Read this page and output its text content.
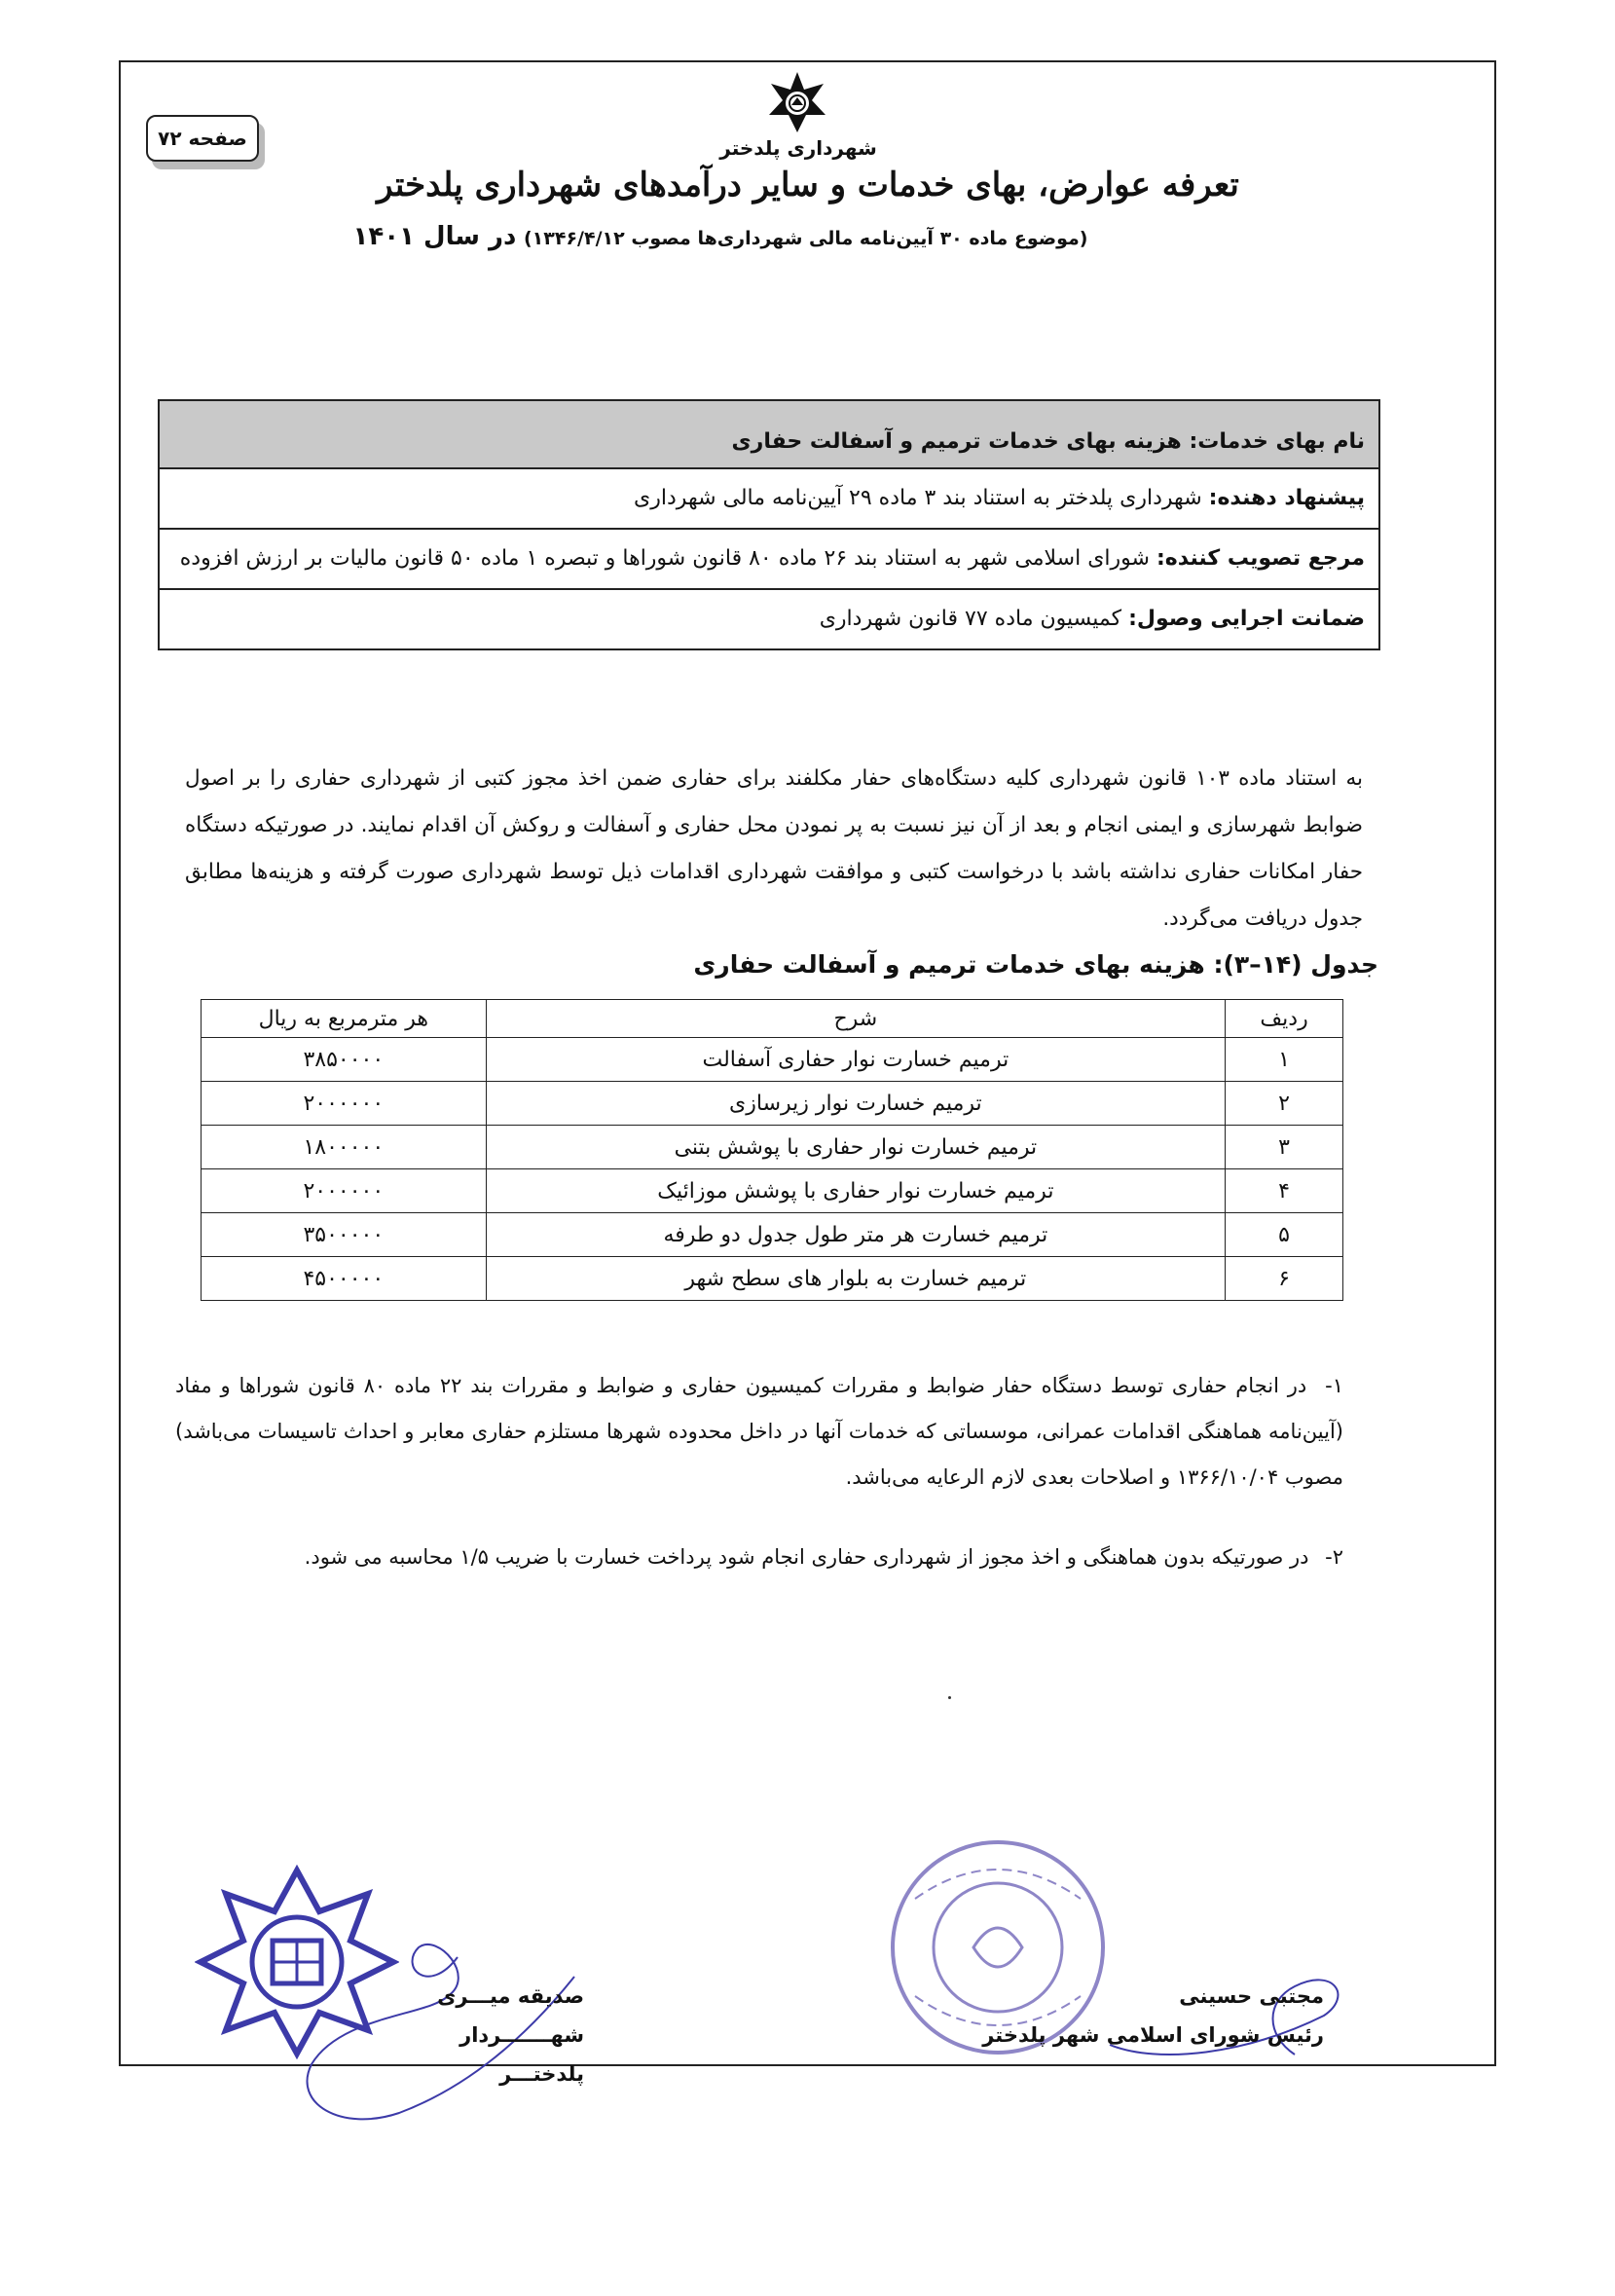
صفحه ۷۲	شهرداری پلدختر
تعرفه عوارض، بهای خدمات و سایر درآمدهای شهرداری پلدختر
(موضوع ماده ۳۰ آیین‌نامه مالی شهرداری‌ها مصوب ۱۳۴۶/۴/۱۲) در سال ۱۴۰۱
نام بهای خدمات: هزینه بهای خدمات ترمیم و آسفالت حفاری
پیشنهاد دهنده: شهرداری پلدختر به استناد بند ۳ ماده ۲۹ آیین‌نامه مالی شهرداری
مرجع تصویب کننده: شورای اسلامی شهر به استناد بند ۲۶ ماده ۸۰ قانون شوراها و تبصره ۱ ماده ۵۰ قانون مالیات بر ارزش افزوده
ضمانت اجرایی وصول: کمیسیون ماده ۷۷ قانون شهرداری
به استناد ماده ۱۰۳ قانون شهرداری کلیه دستگاه‌های حفار مکلفند برای حفاری ضمن اخذ مجوز کتبی از شهرداری حفاری را بر اصول ضوابط شهرسازی و ایمنی انجام و بعد از آن نیز نسبت به پر نمودن محل حفاری و آسفالت و روکش آن اقدام نمایند. در صورتیکه دستگاه حفار امکانات حفاری نداشته باشد با درخواست کتبی و موافقت شهرداری اقدامات ذیل توسط شهرداری صورت گرفته و هزینه‌ها مطابق جدول دریافت می‌گردد.
جدول (۱۴–۳): هزینه بهای خدمات ترمیم و آسفالت حفاری
ردیف	شرح	هر مترمربع به ریال
۱	ترمیم خسارت نوار حفاری آسفالت	۳۸۵۰۰۰۰
۲	ترمیم خسارت نوار زیرسازی	۲۰۰۰۰۰۰
۳	ترمیم خسارت نوار حفاری با پوشش بتنی	۱۸۰۰۰۰۰
۴	ترمیم خسارت نوار حفاری با پوشش موزائیک	۲۰۰۰۰۰۰
۵	ترمیم خسارت هر متر طول جدول دو طرفه	۳۵۰۰۰۰۰
۶	ترمیم خسارت به بلوار های سطح شهر	۴۵۰۰۰۰۰
۱- در انجام حفاری توسط دستگاه حفار ضوابط و مقررات کمیسیون حفاری و ضوابط و مقررات بند ۲۲ ماده ۸۰ قانون شوراها و مفاد (آیین‌نامه هماهنگی اقدامات عمرانی، موسساتی که خدمات آنها در داخل محدوده شهرها مستلزم حفاری معابر و احداث تاسیسات می‌باشد) مصوب ۱۳۶۶/۱۰/۰۴ و اصلاحات بعدی لازم الرعایه می‌باشد.
۲- در صورتیکه بدون هماهنگی و اخذ مجوز از شهرداری حفاری انجام شود پرداخت خسارت با ضریب ۱/۵ محاسبه می شود.
مجتبی حسینی
رئیس شورای اسلامی شهر پلدختر
صدیقه میـــری
شهـــــــردار پلدختـــر
